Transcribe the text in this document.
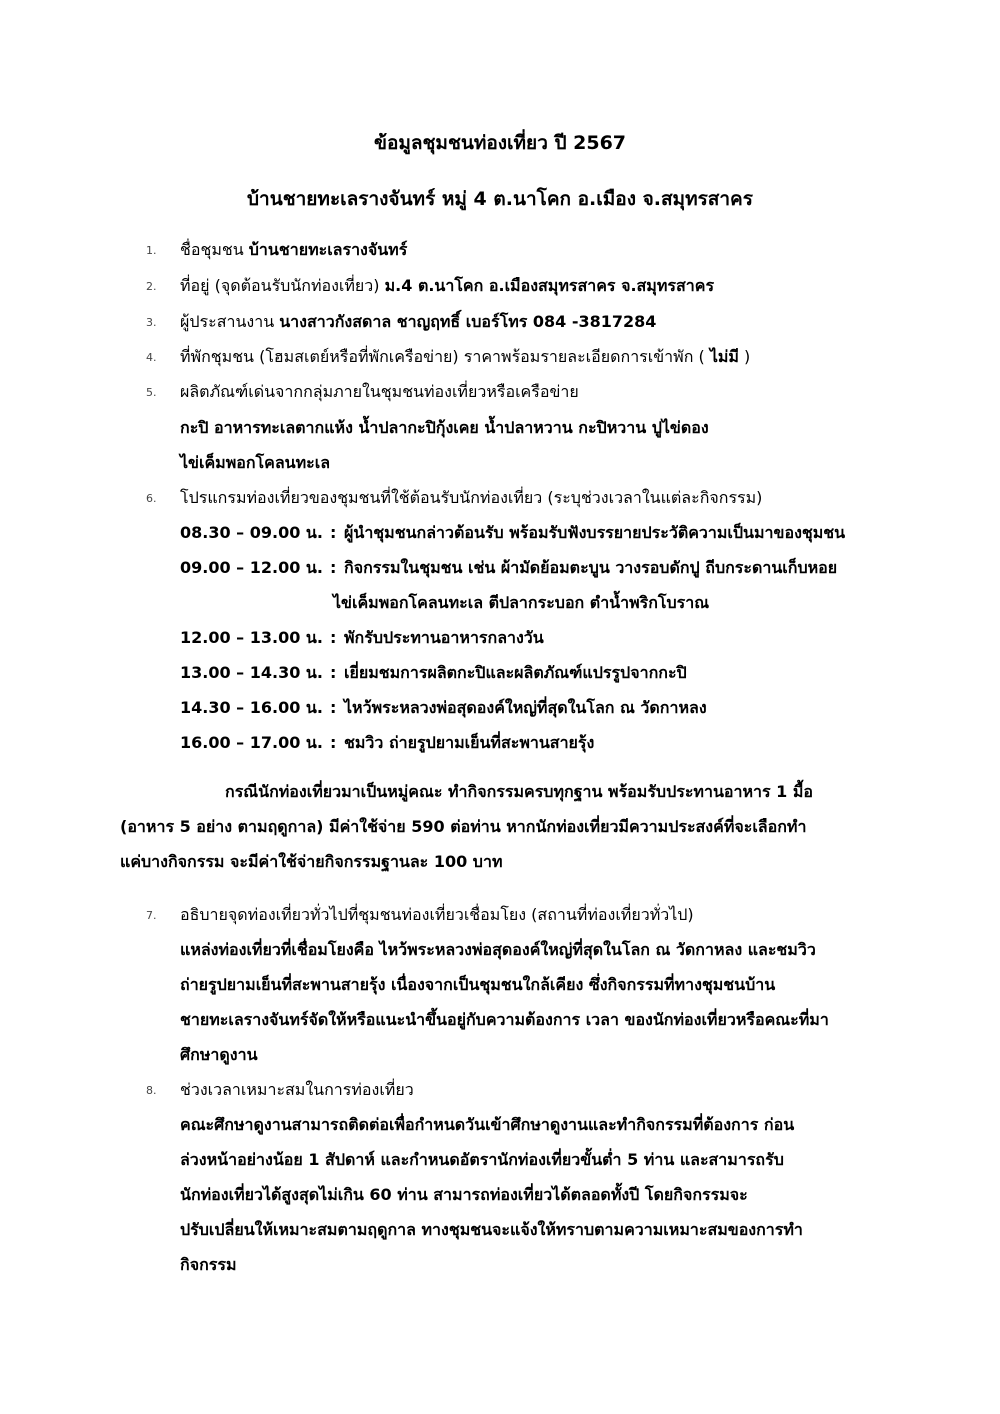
ข้อมูลชุมชนท่องเที่ยว ปี 2567
บ้านชายทะเลรางจันทร์ หมู่ 4 ต.นาโคก อ.เมือง จ.สมุทรสาคร
1.	ชื่อชุมชน บ้านชายทะเลรางจันทร์
2.	ที่อยู่ (จุดต้อนรับนักท่องเที่ยว) ม.4 ต.นาโคก อ.เมืองสมุทรสาคร จ.สมุทรสาคร
3.	ผู้ประสานงาน นางสาวกังสดาล ชาญฤทธิ์ เบอร์โทร 084 -3817284
4.	ที่พักชุมชน (โฮมสเตย์หรือที่พักเครือข่าย) ราคาพร้อมรายละเอียดการเข้าพัก ( ไม่มี )
5.	ผลิตภัณฑ์เด่นจากกลุ่มภายในชุมชนท่องเที่ยวหรือเครือข่าย
กะปิ อาหารทะเลตากแห้ง น้ำปลากะปิกุ้งเคย น้ำปลาหวาน กะปิหวาน ปูไข่ดอง
ไข่เค็มพอกโคลนทะเล
6.	โปรแกรมท่องเที่ยวของชุมชนที่ใช้ต้อนรับนักท่องเที่ยว (ระบุช่วงเวลาในแต่ละกิจกรรม)
08.30 – 09.00 น. : ผู้นำชุมชนกล่าวต้อนรับ พร้อมรับฟังบรรยายประวัติความเป็นมาของชุมชน
09.00 – 12.00 น. : กิจกรรมในชุมชน เช่น ผ้ามัดย้อมตะบูน วางรอบดักปู ถีบกระดานเก็บหอย
ไข่เค็มพอกโคลนทะเล ตีปลากระบอก ตำน้ำพริกโบราณ
12.00 – 13.00 น. : พักรับประทานอาหารกลางวัน
13.00 – 14.30 น. : เยี่ยมชมการผลิตกะปิและผลิตภัณฑ์แปรรูปจากกะปิ
14.30 – 16.00 น. : ไหว้พระหลวงพ่อสุดองค์ใหญ่ที่สุดในโลก ณ วัดกาหลง
16.00 – 17.00 น. : ชมวิว ถ่ายรูปยามเย็นที่สะพานสายรุ้ง
กรณีนักท่องเที่ยวมาเป็นหมู่คณะ ทำกิจกรรมครบทุกฐาน พร้อมรับประทานอาหาร 1 มื้อ
(อาหาร 5 อย่าง ตามฤดูกาล) มีค่าใช้จ่าย 590 ต่อท่าน หากนักท่องเที่ยวมีความประสงค์ที่จะเลือกทำ
แค่บางกิจกรรม จะมีค่าใช้จ่ายกิจกรรมฐานละ 100 บาท
7.	อธิบายจุดท่องเที่ยวทั่วไปที่ชุมชนท่องเที่ยวเชื่อมโยง (สถานที่ท่องเที่ยวทั่วไป)
แหล่งท่องเที่ยวที่เชื่อมโยงคือ ไหว้พระหลวงพ่อสุดองค์ใหญ่ที่สุดในโลก ณ วัดกาหลง และชมวิว
ถ่ายรูปยามเย็นที่สะพานสายรุ้ง เนื่องจากเป็นชุมชนใกล้เคียง ซึ่งกิจกรรมที่ทางชุมชนบ้าน
ชายทะเลรางจันทร์จัดให้หรือแนะนำขึ้นอยู่กับความต้องการ เวลา ของนักท่องเที่ยวหรือคณะที่มา
ศึกษาดูงาน
8.	ช่วงเวลาเหมาะสมในการท่องเที่ยว
คณะศึกษาดูงานสามารถติดต่อเพื่อกำหนดวันเข้าศึกษาดูงานและทำกิจกรรมที่ต้องการ ก่อน
ล่วงหน้าอย่างน้อย 1 สัปดาห์ และกำหนดอัตรานักท่องเที่ยวขั้นต่ำ 5 ท่าน และสามารถรับ
นักท่องเที่ยวได้สูงสุดไม่เกิน 60 ท่าน สามารถท่องเที่ยวได้ตลอดทั้งปี โดยกิจกรรมจะ
ปรับเปลี่ยนให้เหมาะสมตามฤดูกาล ทางชุมชนจะแจ้งให้ทราบตามความเหมาะสมของการทำ
กิจกรรม
